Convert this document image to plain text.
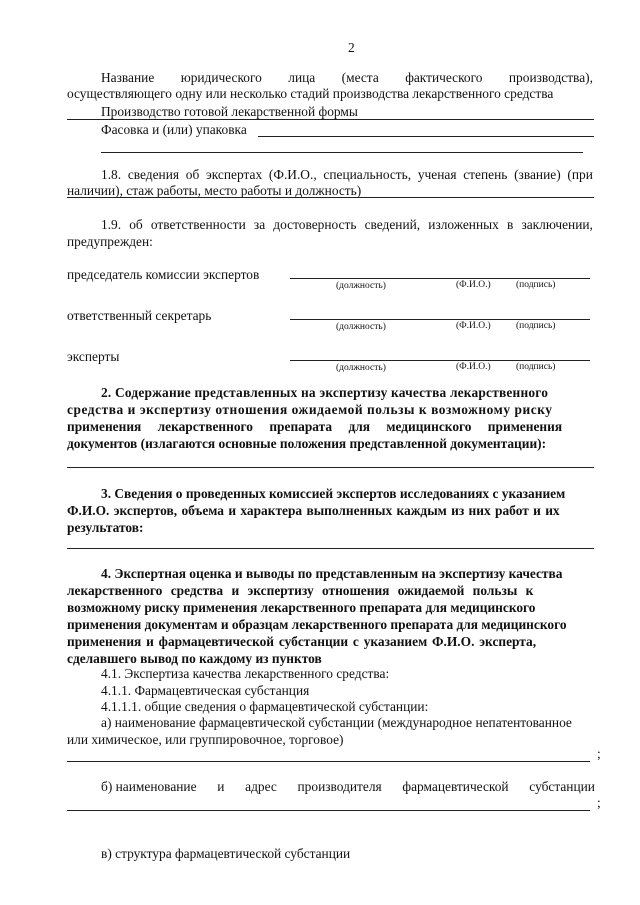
2
Название юридического лица (места фактического производства),
осуществляющего одну или несколько стадий производства лекарственного средства
Производство готовой лекарственной формы
Фасовка и (или) упаковка
1.8. сведения об экспертах (Ф.И.О., специальность, ученая степень (звание) (при
наличии), стаж работы, место работы и должность)
1.9. об ответственности за достоверность сведений, изложенных в заключении,
предупрежден:
председатель комиссии экспертов
(должность)	(Ф.И.О.)	(подпись)
ответственный секретарь
(должность)	(Ф.И.О.)	(подпись)
эксперты
(должность)	(Ф.И.О.)	(подпись)
2. Содержание представленных на экспертизу качества лекарственного
средства и экспертизу отношения ожидаемой пользы к возможному риску
применения лекарственного препарата для медицинского применения
документов (излагаются основные положения представленной документации):
3. Сведения о проведенных комиссией экспертов исследованиях с указанием
Ф.И.О. экспертов, объема и характера выполненных каждым из них работ и их
результатов:
4. Экспертная оценка и выводы по представленным на экспертизу качества
лекарственного средства и экспертизу отношения ожидаемой пользы к
возможному риску применения лекарственного препарата для медицинского
применения документам и образцам лекарственного препарата для медицинского
применения и фармацевтической субстанции с указанием Ф.И.О. эксперта,
сделавшего вывод по каждому из пунктов
4.1. Экспертиза качества лекарственного средства:
4.1.1. Фармацевтическая субстанция
4.1.1.1. общие сведения о фармацевтической субстанции:
а) наименование фармацевтической субстанции (международное непатентованное
или химическое, или группировочное, торговое)
;
б) наименование и адрес производителя фармацевтической субстанции
;
в) структура фармацевтической субстанции
